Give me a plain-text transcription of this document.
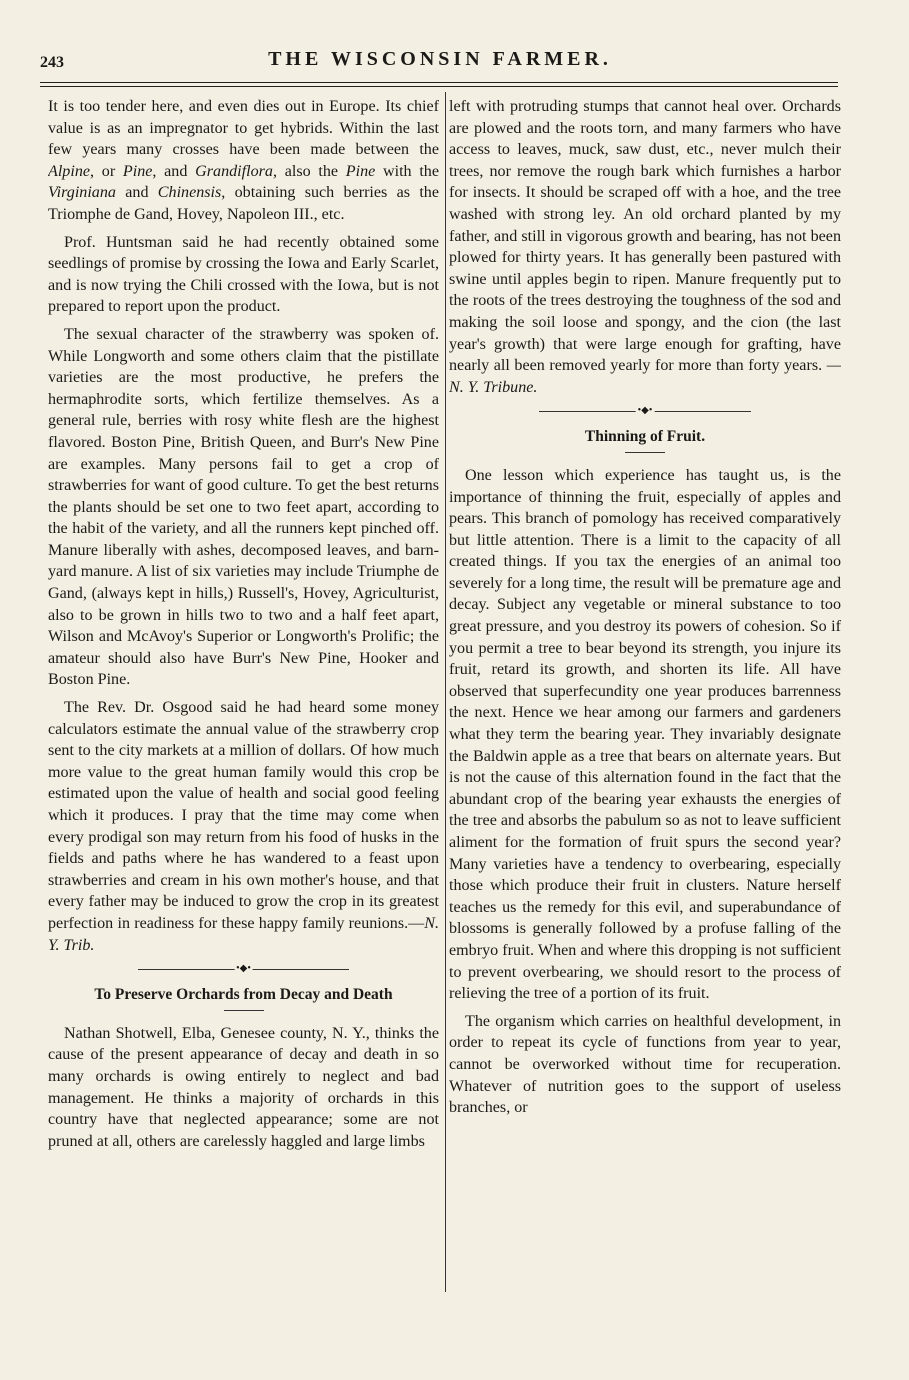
243	THE WISCONSIN FARMER.

It is too tender here, and even dies out in Europe. Its chief value is as an impregnator to get hybrids. Within the last few years many crosses have been made between the Alpine, or Pine, and Grandiflora, also the Pine with the Virginiana and Chinensis, obtaining such berries as the Triomphe de Gand, Hovey, Napoleon III., etc.

Prof. Huntsman said he had recently obtained some seedlings of promise by crossing the Iowa and Early Scarlet, and is now trying the Chili crossed with the Iowa, but is not prepared to report upon the product.

The sexual character of the strawberry was spoken of. While Longworth and some others claim that the pistillate varieties are the most productive, he prefers the hermaphrodite sorts, which fertilize themselves. As a general rule, berries with rosy white flesh are the highest flavored. Boston Pine, British Queen, and Burr's New Pine are examples. Many persons fail to get a crop of strawberries for want of good culture. To get the best returns the plants should be set one to two feet apart, according to the habit of the variety, and all the runners kept pinched off. Manure liberally with ashes, decomposed leaves, and barn-yard manure. A list of six varieties may include Triumphe de Gand, (always kept in hills,) Russell's, Hovey, Agriculturist, also to be grown in hills two to two and a half feet apart, Wilson and McAvoy's Superior or Longworth's Prolific; the amateur should also have Burr's New Pine, Hooker and Boston Pine.

The Rev. Dr. Osgood said he had heard some money calculators estimate the annual value of the strawberry crop sent to the city markets at a million of dollars. Of how much more value to the great human family would this crop be estimated upon the value of health and social good feeling which it produces. I pray that the time may come when every prodigal son may return from his food of husks in the fields and paths where he has wandered to a feast upon strawberries and cream in his own mother's house, and that every father may be induced to grow the crop in its greatest perfection in readiness for these happy family reunions.—N. Y. Trib.

•◆•
To Preserve Orchards from Decay and Death

Nathan Shotwell, Elba, Genesee county, N. Y., thinks the cause of the present appearance of decay and death in so many orchards is owing entirely to neglect and bad management. He thinks a majority of orchards in this country have that neglected appearance; some are not pruned at all, others are carelessly haggled and large limbs

left with protruding stumps that cannot heal over. Orchards are plowed and the roots torn, and many farmers who have access to leaves, muck, saw dust, etc., never mulch their trees, nor remove the rough bark which furnishes a harbor for insects. It should be scraped off with a hoe, and the tree washed with strong ley. An old orchard planted by my father, and still in vigorous growth and bearing, has not been plowed for thirty years. It has generally been pastured with swine until apples begin to ripen. Manure frequently put to the roots of the trees destroying the toughness of the sod and making the soil loose and spongy, and the cion (the last year's growth) that were large enough for grafting, have nearly all been removed yearly for more than forty years. —N. Y. Tribune.

•◆•
Thinning of Fruit.

One lesson which experience has taught us, is the importance of thinning the fruit, especially of apples and pears. This branch of pomology has received comparatively but little attention. There is a limit to the capacity of all created things. If you tax the energies of an animal too severely for a long time, the result will be premature age and decay. Subject any vegetable or mineral substance to too great pressure, and you destroy its powers of cohesion. So if you permit a tree to bear beyond its strength, you injure its fruit, retard its growth, and shorten its life. All have observed that superfecundity one year produces barrenness the next. Hence we hear among our farmers and gardeners what they term the bearing year. They invariably designate the Baldwin apple as a tree that bears on alternate years. But is not the cause of this alternation found in the fact that the abundant crop of the bearing year exhausts the energies of the tree and absorbs the pabulum so as not to leave sufficient aliment for the formation of fruit spurs the second year? Many varieties have a tendency to overbearing, especially those which produce their fruit in clusters. Nature herself teaches us the remedy for this evil, and superabundance of blossoms is generally followed by a profuse falling of the embryo fruit. When and where this dropping is not sufficient to prevent overbearing, we should resort to the process of relieving the tree of a portion of its fruit.

The organism which carries on healthful development, in order to repeat its cycle of functions from year to year, cannot be overworked without time for recuperation. Whatever of nutrition goes to the support of useless branches, or
